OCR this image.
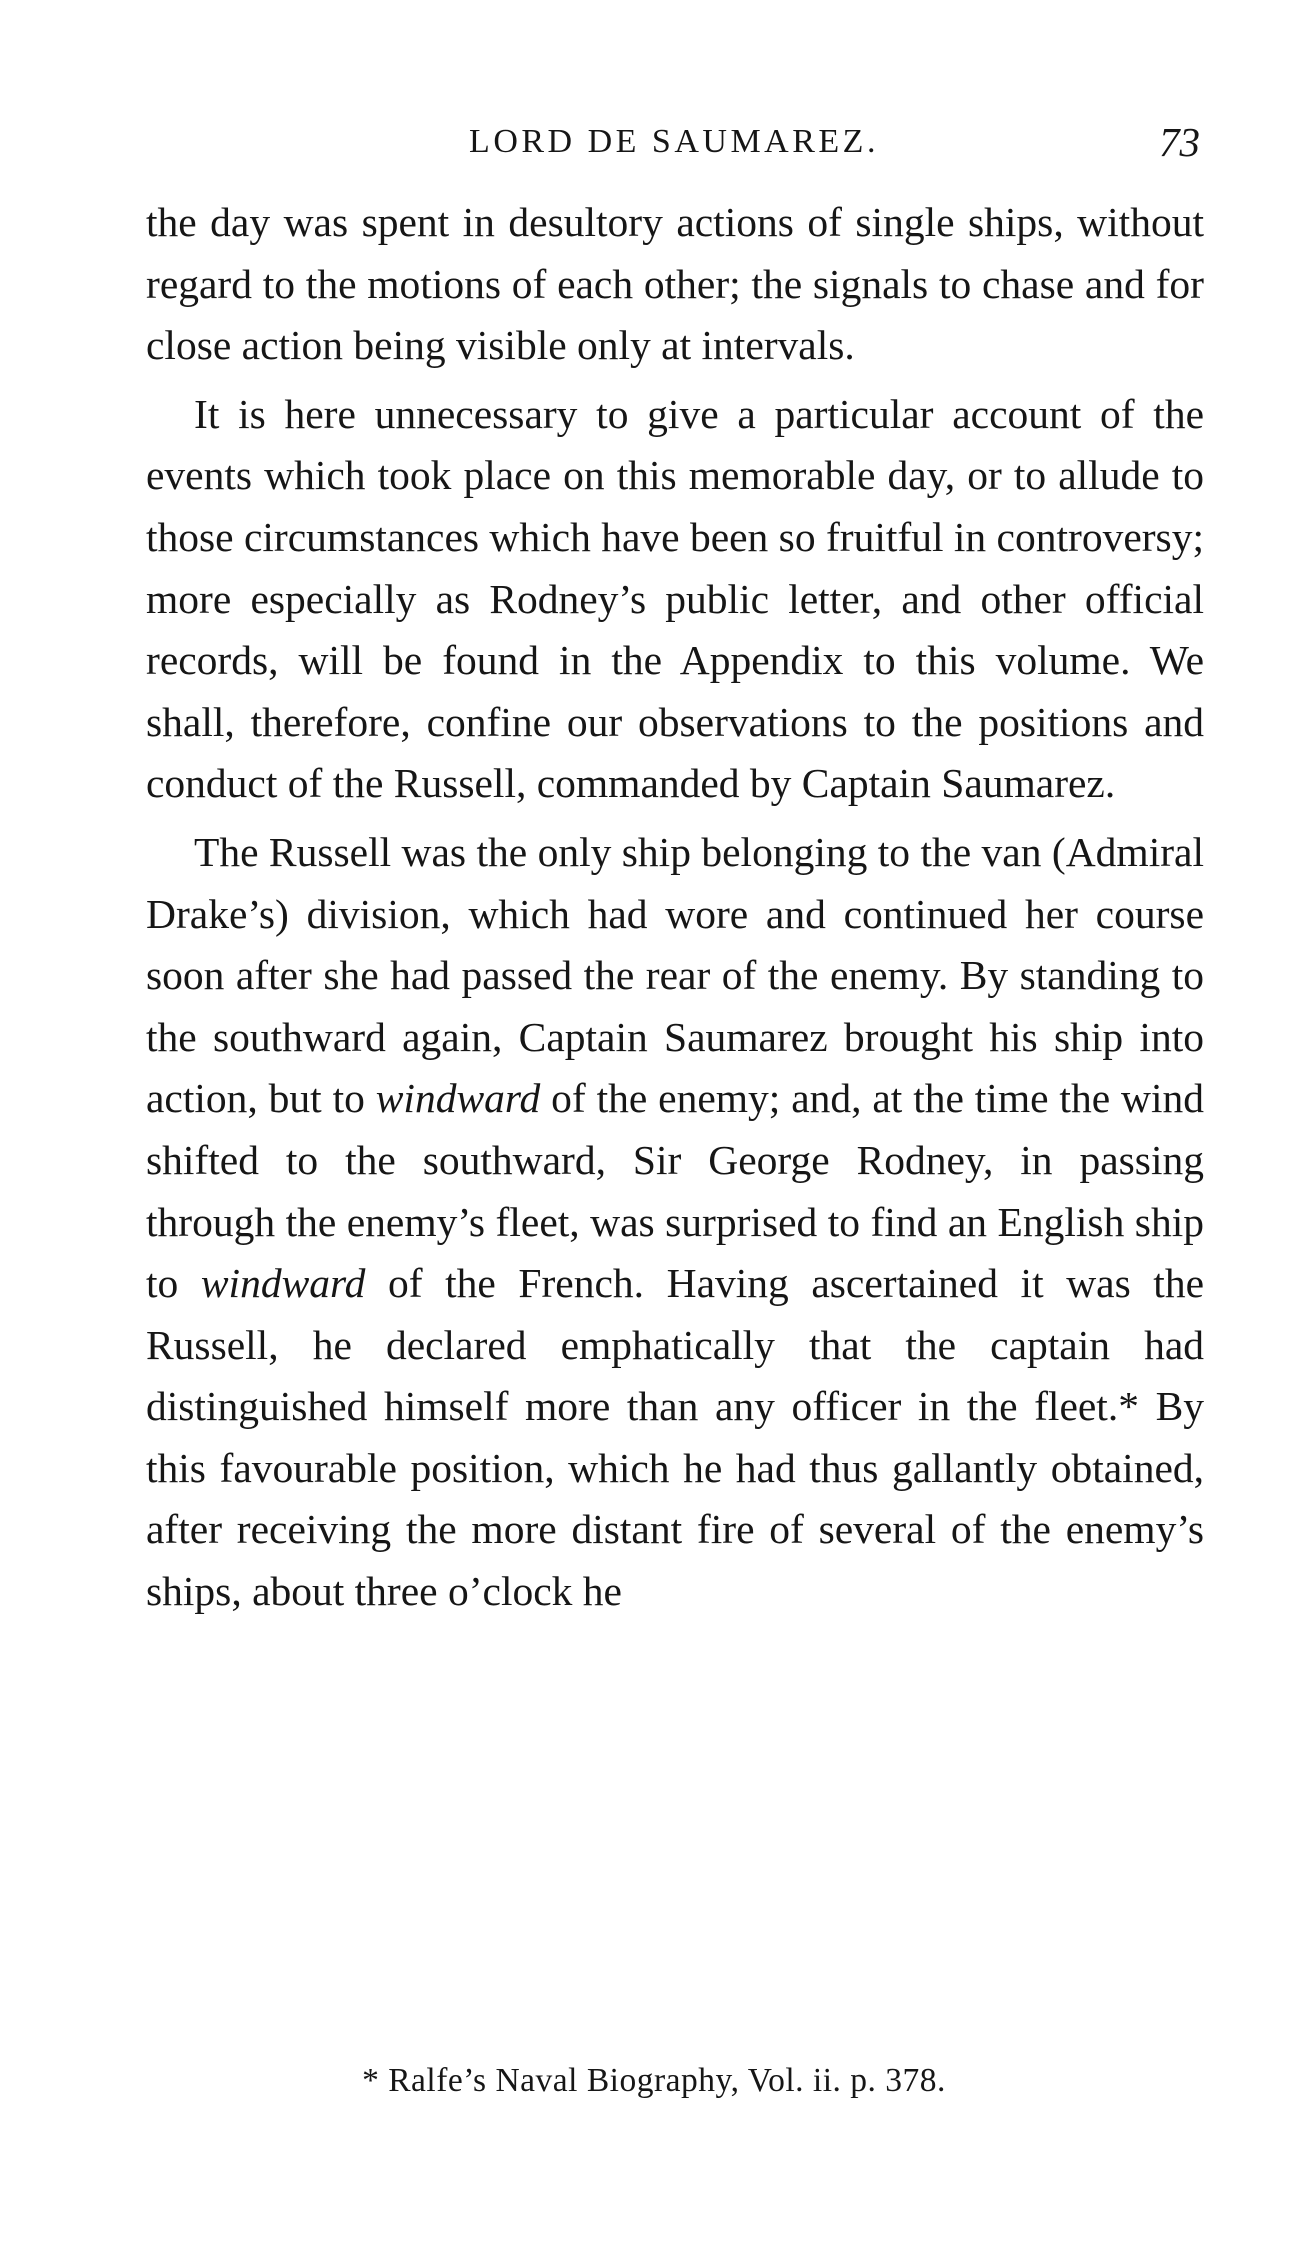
LORD DE SAUMAREZ.	73

the day was spent in desultory actions of single ships, without regard to the motions of each other; the signals to chase and for close action being visible only at intervals.

It is here unnecessary to give a particular account of the events which took place on this memorable day, or to allude to those circumstances which have been so fruitful in controversy; more especially as Rodney’s public letter, and other official records, will be found in the Appendix to this volume. We shall, therefore, confine our observations to the positions and conduct of the Russell, commanded by Captain Saumarez.

The Russell was the only ship belonging to the van (Admiral Drake’s) division, which had wore and continued her course soon after she had passed the rear of the enemy. By standing to the southward again, Captain Saumarez brought his ship into action, but to windward of the enemy; and, at the time the wind shifted to the southward, Sir George Rodney, in passing through the enemy’s fleet, was surprised to find an English ship to windward of the French. Having ascertained it was the Russell, he declared emphatically that the captain had distinguished himself more than any officer in the fleet.* By this favourable position, which he had thus gallantly obtained, after receiving the more distant fire of several of the enemy’s ships, about three o’clock he

* Ralfe’s Naval Biography, Vol. ii. p. 378.
